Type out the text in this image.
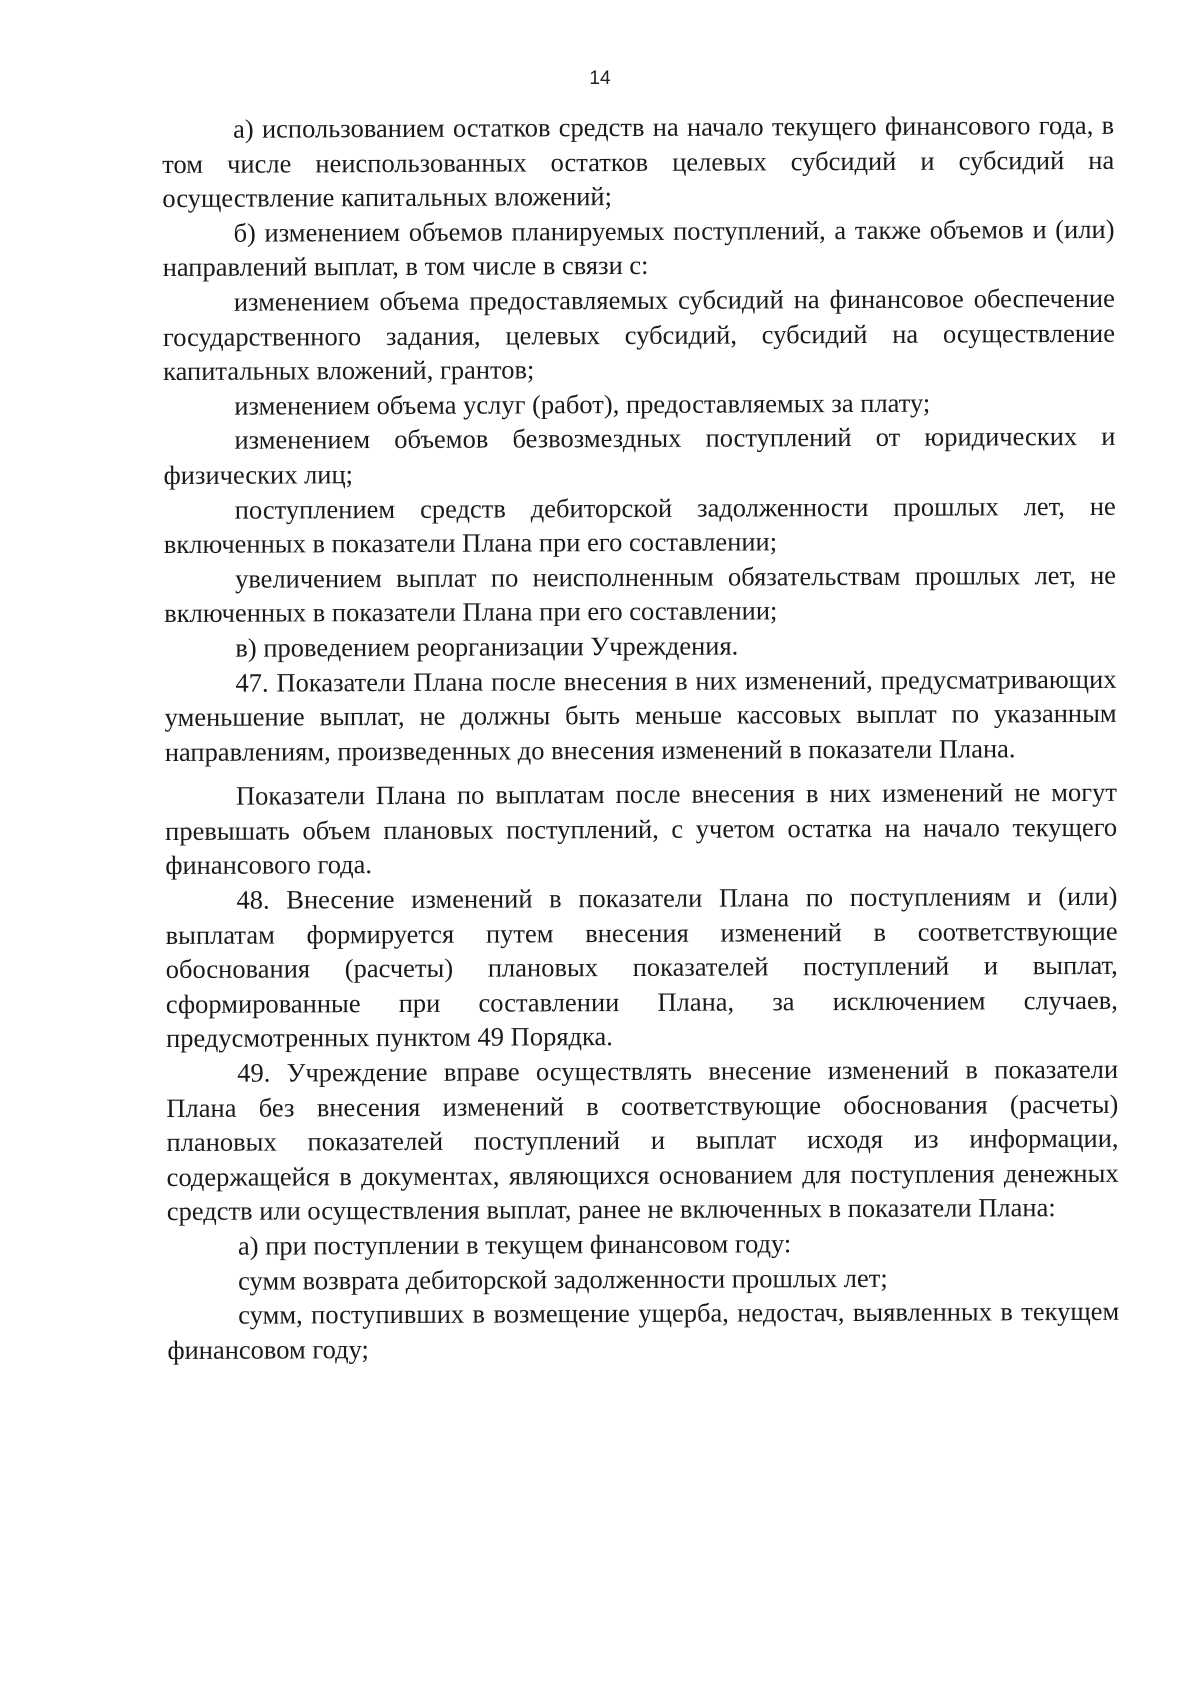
14

а) использованием остатков средств на начало текущего финансового года, в том числе неиспользованных остатков целевых субсидий и субсидий на осуществление капитальных вложений;

б) изменением объемов планируемых поступлений, а также объемов и (или) направлений выплат, в том числе в связи с:

изменением объема предоставляемых субсидий на финансовое обеспечение государственного задания, целевых субсидий, субсидий на осуществление капитальных вложений, грантов;

изменением объема услуг (работ), предоставляемых за плату;

изменением объемов безвозмездных поступлений от юридических и физических лиц;

поступлением средств дебиторской задолженности прошлых лет, не включенных в показатели Плана при его составлении;

увеличением выплат по неисполненным обязательствам прошлых лет, не включенных в показатели Плана при его составлении;

в) проведением реорганизации Учреждения.

47. Показатели Плана после внесения в них изменений, предусматривающих уменьшение выплат, не должны быть меньше кассовых выплат по указанным направлениям, произведенных до внесения изменений в показатели Плана.

Показатели Плана по выплатам после внесения в них изменений не могут превышать объем плановых поступлений, с учетом остатка на начало текущего финансового года.

48. Внесение изменений в показатели Плана по поступлениям и (или) выплатам формируется путем внесения изменений в соответствующие обоснования (расчеты) плановых показателей поступлений и выплат, сформированные при составлении Плана, за исключением случаев, предусмотренных пунктом 49 Порядка.

49. Учреждение вправе осуществлять внесение изменений в показатели Плана без внесения изменений в соответствующие обоснования (расчеты) плановых показателей поступлений и выплат исходя из информации, содержащейся в документах, являющихся основанием для поступления денежных средств или осуществления выплат, ранее не включенных в показатели Плана:

а) при поступлении в текущем финансовом году:

сумм возврата дебиторской задолженности прошлых лет;

сумм, поступивших в возмещение ущерба, недостач, выявленных в текущем финансовом году;
